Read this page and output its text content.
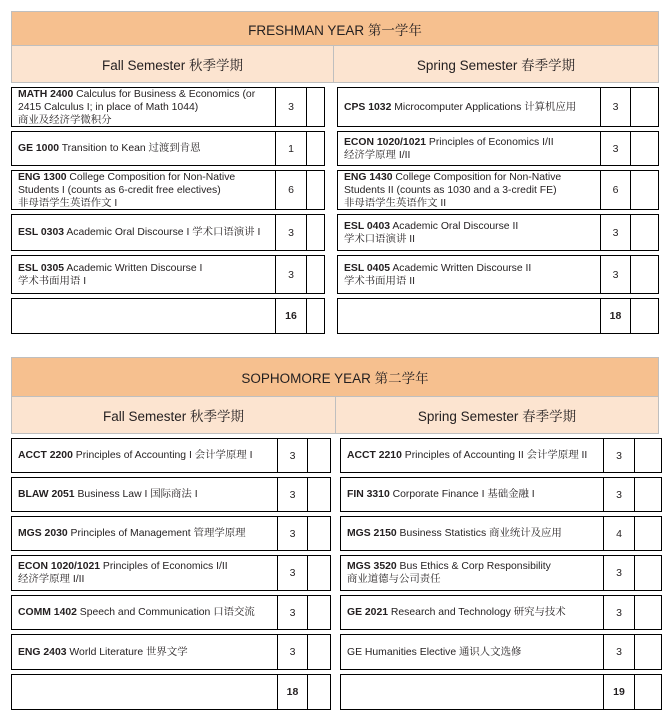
FRESHMAN YEAR 第一学年
Fall Semester 秋季学期	Spring Semester 春季学期
MATH 2400 Calculus for Business & Economics (or 2415 Calculus I; in place of Math 1044)
商业及经济学微积分
3
GE 1000 Transition to Kean 过渡到肯恩	1
ENG 1300 College Composition for Non-Native Students I (counts as 6-credit free electives)
非母语学生英语作文 I
6
ESL 0303 Academic Oral Discourse I 学术口语演讲 I	3
ESL 0305 Academic Written Discourse I
学术书面用语 I
3
16
CPS 1032 Microcomputer Applications 计算机应用	3
ECON 1020/1021 Principles of Economics I/II
经济学原理 I/II
3
ENG 1430 College Composition for Non-Native Students II (counts as 1030 and a 3-credit FE)
非母语学生英语作文 II
6
ESL 0403 Academic Oral Discourse II
学术口语演讲 II
3
ESL 0405 Academic Written Discourse II
学术书面用语 II
3
18
SOPHOMORE YEAR 第二学年
Fall Semester 秋季学期	Spring Semester 春季学期
ACCT 2200 Principles of Accounting I 会计学原理 I	3
BLAW 2051 Business Law I 国际商法 I	3
MGS 2030 Principles of Management 管理学原理	3
ECON 1020/1021 Principles of Economics I/II
经济学原理 I/II
3
COMM 1402 Speech and Communication 口语交流	3
ENG 2403 World Literature 世界文学	3
18
ACCT 2210 Principles of Accounting II 会计学原理 II	3
FIN 3310 Corporate Finance I 基础金融 I	3
MGS 2150 Business Statistics 商业统计及应用	4
MGS 3520 Bus Ethics & Corp Responsibility
商业道德与公司责任
3
GE 2021 Research and Technology 研究与技术	3
GE Humanities Elective 通识人文选修	3
19
